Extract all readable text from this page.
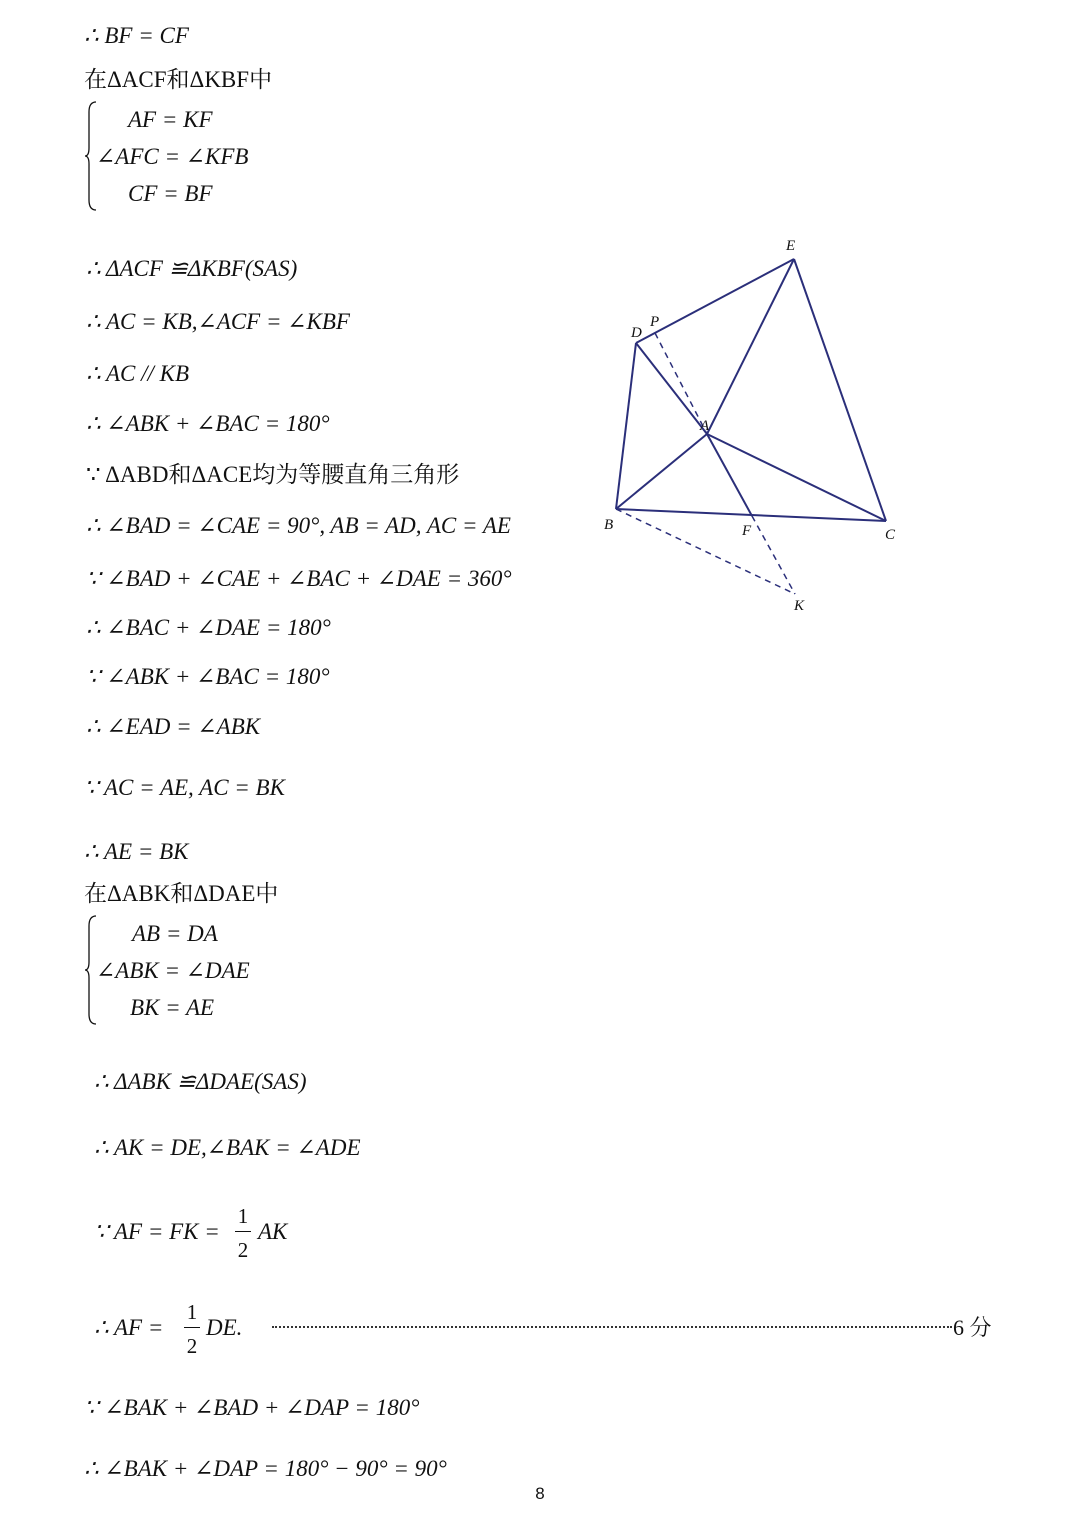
∴ BF = CF
在ΔACF和ΔKBF中
AF = KF
∠AFC = ∠KFB
CF = BF
∴ ΔACF ≌ΔKBF(SAS)
∴ AC = KB,∠ACF = ∠KBF
∴ AC // KB
∴ ∠ABK + ∠BAC = 180°
∵ ΔABD和ΔACE均为等腰直角三角形
∴ ∠BAD = ∠CAE = 90°, AB = AD, AC = AE
∵ ∠BAD + ∠CAE + ∠BAC + ∠DAE = 360°
∴ ∠BAC + ∠DAE = 180°
∵ ∠ABK + ∠BAC = 180°
∴ ∠EAD = ∠ABK
∵ AC = AE, AC = BK
∴ AE = BK
在ΔABK和ΔDAE中
AB = DA
∠ABK = ∠DAE
BK = AE
∴ ΔABK ≌ΔDAE(SAS)
∴ AK = DE,∠BAK = ∠ADE
∵ AF = FK =
1
2
AK
∴ AF =
1
2
DE.	6 分
∵ ∠BAK + ∠BAD + ∠DAP = 180°
∴ ∠BAK + ∠DAP = 180° − 90° = 90°
8
E
D
P
A
B	F	C
K
